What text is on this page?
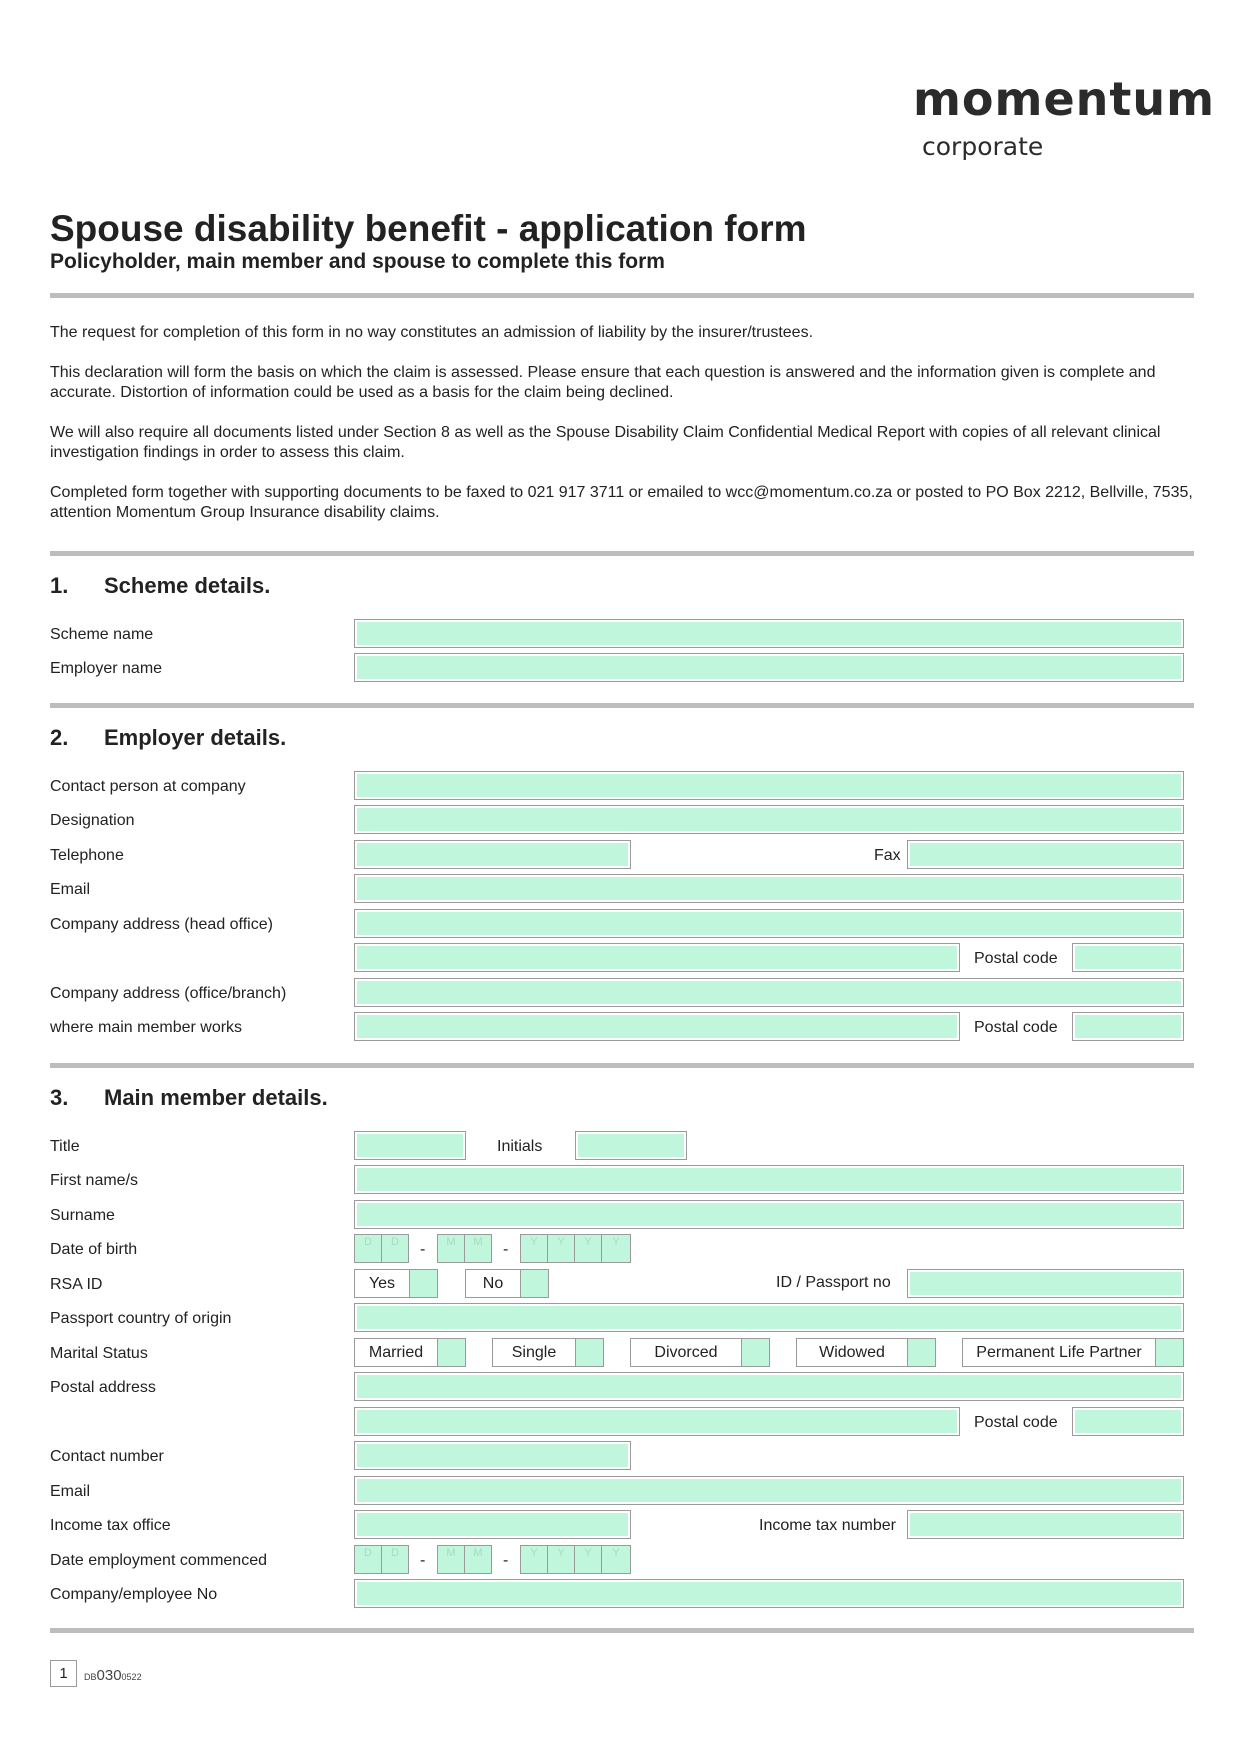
momentum
corporate
Spouse disability benefit - application form
Policyholder, main member and spouse to complete this form
The request for completion of this form in no way constitutes an admission of liability by the insurer/trustees.
This declaration will form the basis on which the claim is assessed. Please ensure that each question is answered and the information given is complete and accurate. Distortion of information could be used as a basis for the claim being declined.
We will also require all documents listed under Section 8 as well as the Spouse Disability Claim Confidential Medical Report with copies of all relevant clinical investigation findings in order to assess this claim.
Completed form together with supporting documents to be faxed to 021 917 3711 or emailed to wcc@momentum.co.za or posted to PO Box 2212, Bellville, 7535, attention Momentum Group Insurance disability claims.
1. Scheme details.
Scheme name
Employer name
2. Employer details.
Contact person at company
Designation
Telephone	Fax
Email
Company address (head office)
Postal code
Company address (office/branch)
where main member works	Postal code
3. Main member details.
Title	Initials
First name/s
Surname
Date of birth	D	D	-	M	M	-	Y	Y	Y	Y
RSA ID	Yes	No	ID / Passport no
Passport country of origin
Marital Status	Married	Single	Divorced	Widowed	Permanent Life Partner
Postal address
Postal code
Contact number
Email
Income tax office	Income tax number
Date employment commenced	D	D	-	M	M	-	Y	Y	Y	Y
Company/employee No
1	DB0300522
